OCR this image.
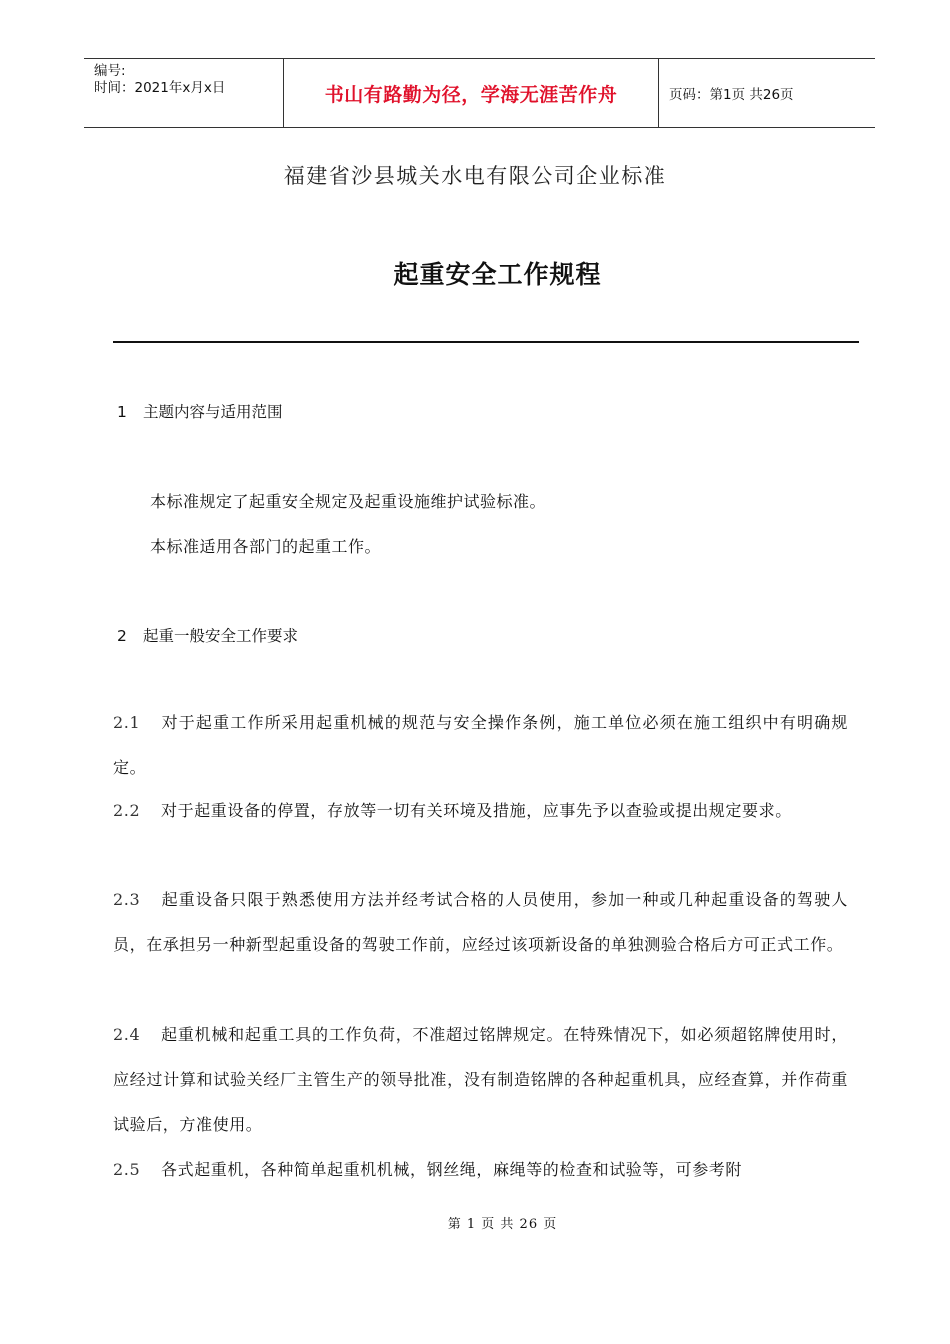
编号:
时间：2021年x月x日	书山有路勤为径，学海无涯苦作舟	页码：第1页 共26页
福建省沙县城关水电有限公司企业标准
起重安全工作规程
1 主题内容与适用范围
本标准规定了起重安全规定及起重设施维护试验标准。
本标准适用各部门的起重工作。
2 起重一般安全工作要求
2.1 对于起重工作所采用起重机械的规范与安全操作条例，施工单位必须在施工组织中有明确规定。
2.2 对于起重设备的停置，存放等一切有关环境及措施，应事先予以查验或提出规定要求。
2.3 起重设备只限于熟悉使用方法并经考试合格的人员使用，参加一种或几种起重设备的驾驶人员，在承担另一种新型起重设备的驾驶工作前，应经过该项新设备的单独测验合格后方可正式工作。
2.4 起重机械和起重工具的工作负荷，不准超过铭牌规定。在特殊情况下，如必须超铭牌使用时，应经过计算和试验关经厂主管生产的领导批准，没有制造铭牌的各种起重机具，应经查算，并作荷重试验后，方准使用。
2.5 各式起重机，各种简单起重机机械，钢丝绳，麻绳等的检查和试验等，可参考附
第 1 页 共 26 页
